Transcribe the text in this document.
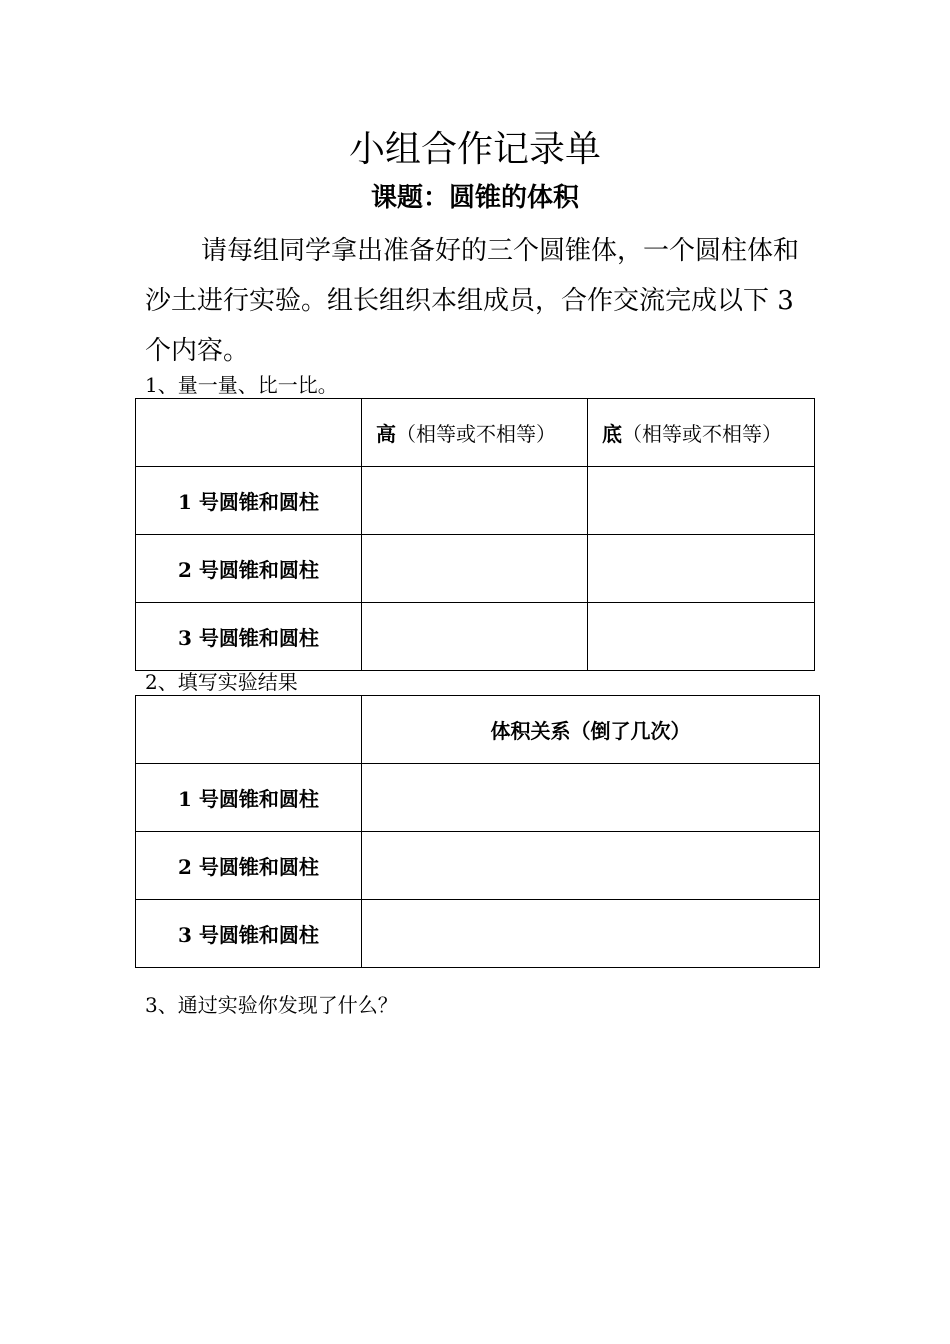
小组合作记录单
课题：圆锥的体积

请每组同学拿出准备好的三个圆锥体，一个圆柱体和沙土进行实验。组长组织本组成员，合作交流完成以下 3 个内容。

1、量一量、比一比。
	高（相等或不相等）	底（相等或不相等）
1 号圆锥和圆柱		
2 号圆锥和圆柱		
3 号圆锥和圆柱		
2、填写实验结果
	体积关系（倒了几次）
1 号圆锥和圆柱	
2 号圆锥和圆柱	
3 号圆锥和圆柱	
3、通过实验你发现了什么？
